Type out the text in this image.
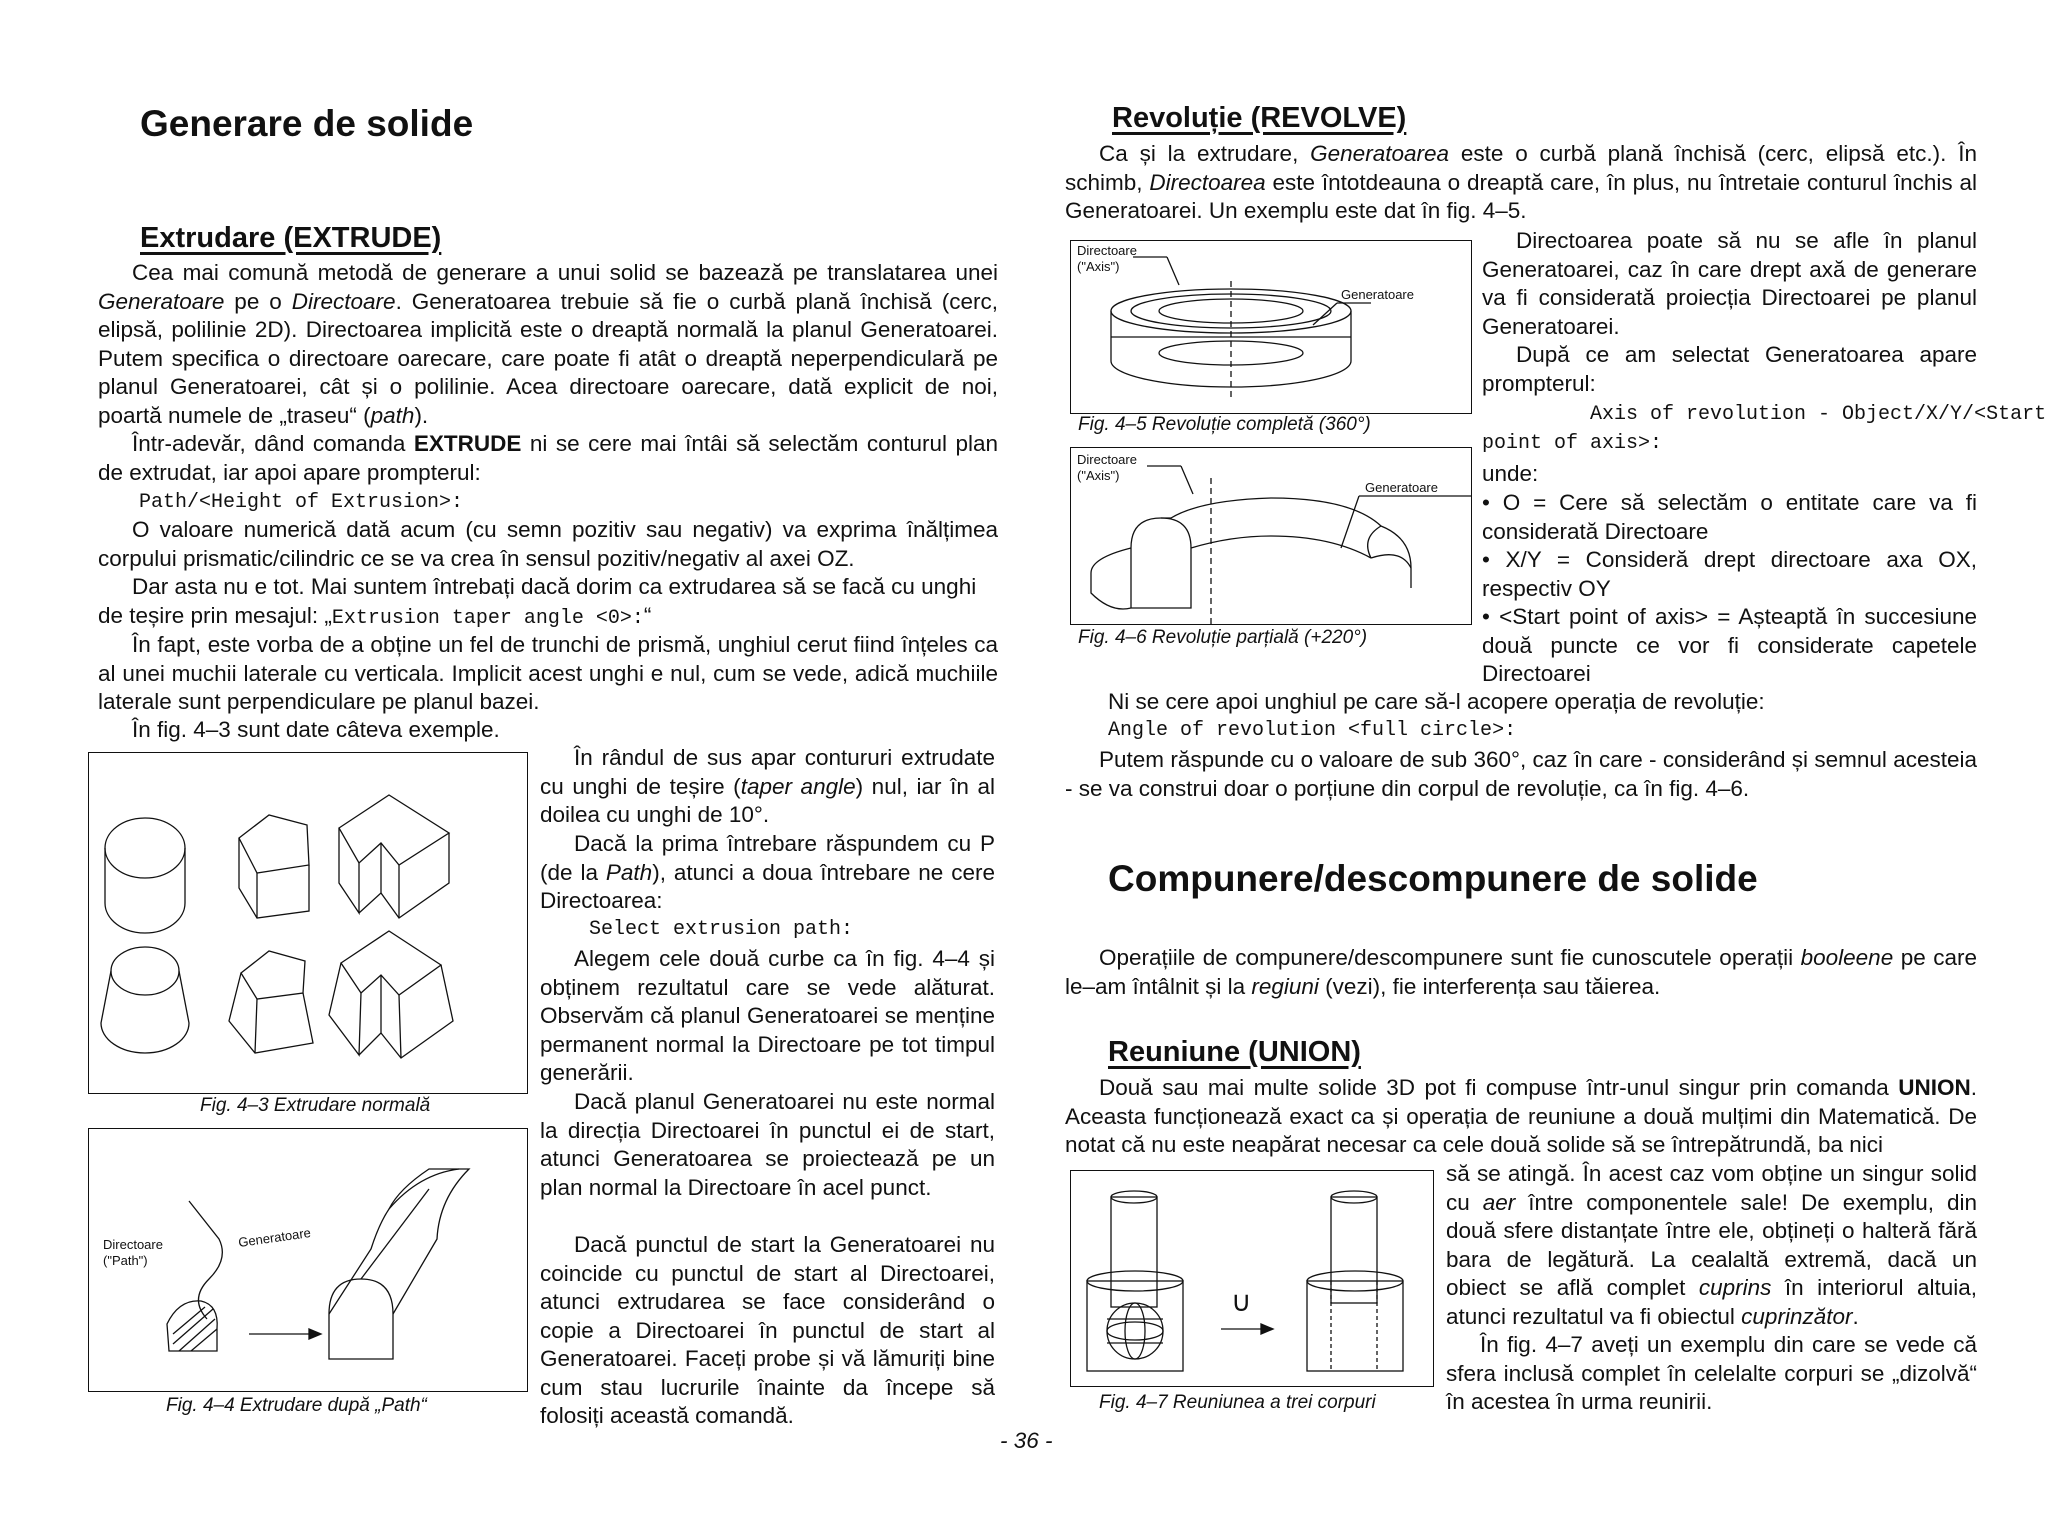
Generare de solide
Extrudare (EXTRUDE)

Cea mai comună metodă de generare a unui solid se bazează pe translatarea unei Generatoare pe o Directoare. Generatoarea trebuie să fie o curbă plană închisă (cerc, elipsă, polilinie 2D). Directoarea implicită este o dreaptă normală la planul Generatoarei. Putem specifica o directoare oarecare, care poate fi atât o dreaptă neperpendiculară pe planul Generatoarei, cât și o polilinie. Acea directoare oarecare, dată explicit de noi, poartă numele de „traseu“ (path).

Într-adevăr, dând comanda EXTRUDE ni se cere mai întâi să selectăm conturul plan de extrudat, iar apoi apare prompterul:

Path/<Height of Extrusion>:

O valoare numerică dată acum (cu semn pozitiv sau negativ) va exprima înălțimea corpului prismatic/cilindric ce se va crea în sensul pozitiv/negativ al axei OZ.

Dar asta nu e tot. Mai suntem întrebați dacă dorim ca extrudarea să se facă cu unghi
de teșire prin mesajul: „Extrusion taper angle <0>:“

În fapt, este vorba de a obține un fel de trunchi de prismă, unghiul cerut fiind înțeles ca al unei muchii laterale cu verticala. Implicit acest unghi e nul, cum se vede, adică muchiile laterale sunt perpendiculare pe planul bazei.

În fig. 4–3 sunt date câteva exemple.
Fig. 4–3 Extrudare normală
Directoare
("Path")
Generatoare
Fig. 4–4 Extrudare după „Path“

În rândul de sus apar contururi extrudate cu unghi de teșire (taper angle) nul, iar în al doilea cu unghi de 10°.

Dacă la prima întrebare răspundem cu P (de la Path), atunci a doua întrebare ne cere Directoarea:

Select extrusion path:

Alegem cele două curbe ca în fig. 4–4 și obținem rezultatul care se vede alăturat. Observăm că planul Generatoarei se menține permanent normal la Directoare pe tot timpul generării.

Dacă planul Generatoarei nu este normal la direcția Directoarei în punctul ei de start, atunci Generatoarea se proiectează pe un plan normal la Directoare în acel punct.

Dacă punctul de start la Generatoarei nu coincide cu punctul de start al Directoarei, atunci extrudarea se face considerând o copie a Directoarei în punctul de start al Generatoarei. Faceți probe și vă lămuriți bine cum stau lucrurile înainte da începe să folosiți această comandă.

- 36 -
Revoluție (REVOLVE)

Ca și la extrudare, Generatoarea este o curbă plană închisă (cerc, elipsă etc.). În schimb, Directoarea este întotdeauna o dreaptă care, în plus, nu întretaie conturul închis al Generatoarei. Un exemplu este dat în fig. 4–5.

Directoare
("Axis")
Generatoare
Fig. 4–5 Revoluție completă (360°)
Directoare
("Axis")
Generatoare
Fig. 4–6 Revoluție parțială (+220°)

Directoarea poate să nu se afle în planul Generatoarei, caz în care drept axă de generare va fi considerată proiecția Directoarei pe planul Generatoarei.

După ce am selectat Generatoarea apare prompterul:

Axis of revolution - Object/X/Y/<Start
point of axis>:
unde:

• O = Cere să selectăm o entitate care va fi considerată Directoare

• X/Y = Consideră drept directoare axa OX, respectiv OY

• <Start point of axis> = Așteaptă în succesiune două puncte ce vor fi considerate capetele Directoarei

Ni se cere apoi unghiul pe care să-l acopere operația de revoluție:
Angle of revolution <full circle>:

Putem răspunde cu o valoare de sub 360°, caz în care - considerând și semnul acesteia - se va construi doar o porțiune din corpul de revoluție, ca în fig. 4–6.

Compunere/descompunere de solide

Operațiile de compunere/descompunere sunt fie cunoscutele operații booleene pe care le–am întâlnit și la regiuni (vezi), fie interferența sau tăierea.

Reuniune (UNION)

Două sau mai multe solide 3D pot fi compuse într-unul singur prin comanda UNION. Aceasta funcționează exact ca și operația de reuniune a două mulțimi din Matematică. De notat că nu este neapărat necesar ca cele două solide să se întrepătrundă, ba nici

∪
Fig. 4–7 Reuniunea a trei corpuri

să se atingă. În acest caz vom obține un singur solid cu aer între componentele sale! De exemplu, din două sfere distanțate între ele, obțineți o halteră fără bara de legătură. La cealaltă extremă, dacă un obiect se află complet cuprins în interiorul altuia, atunci rezultatul va fi obiectul cuprinzător.

În fig. 4–7 aveți un exemplu din care se vede că sfera inclusă complet în celelalte corpuri se „dizolvă“ în acestea în urma reunirii.
